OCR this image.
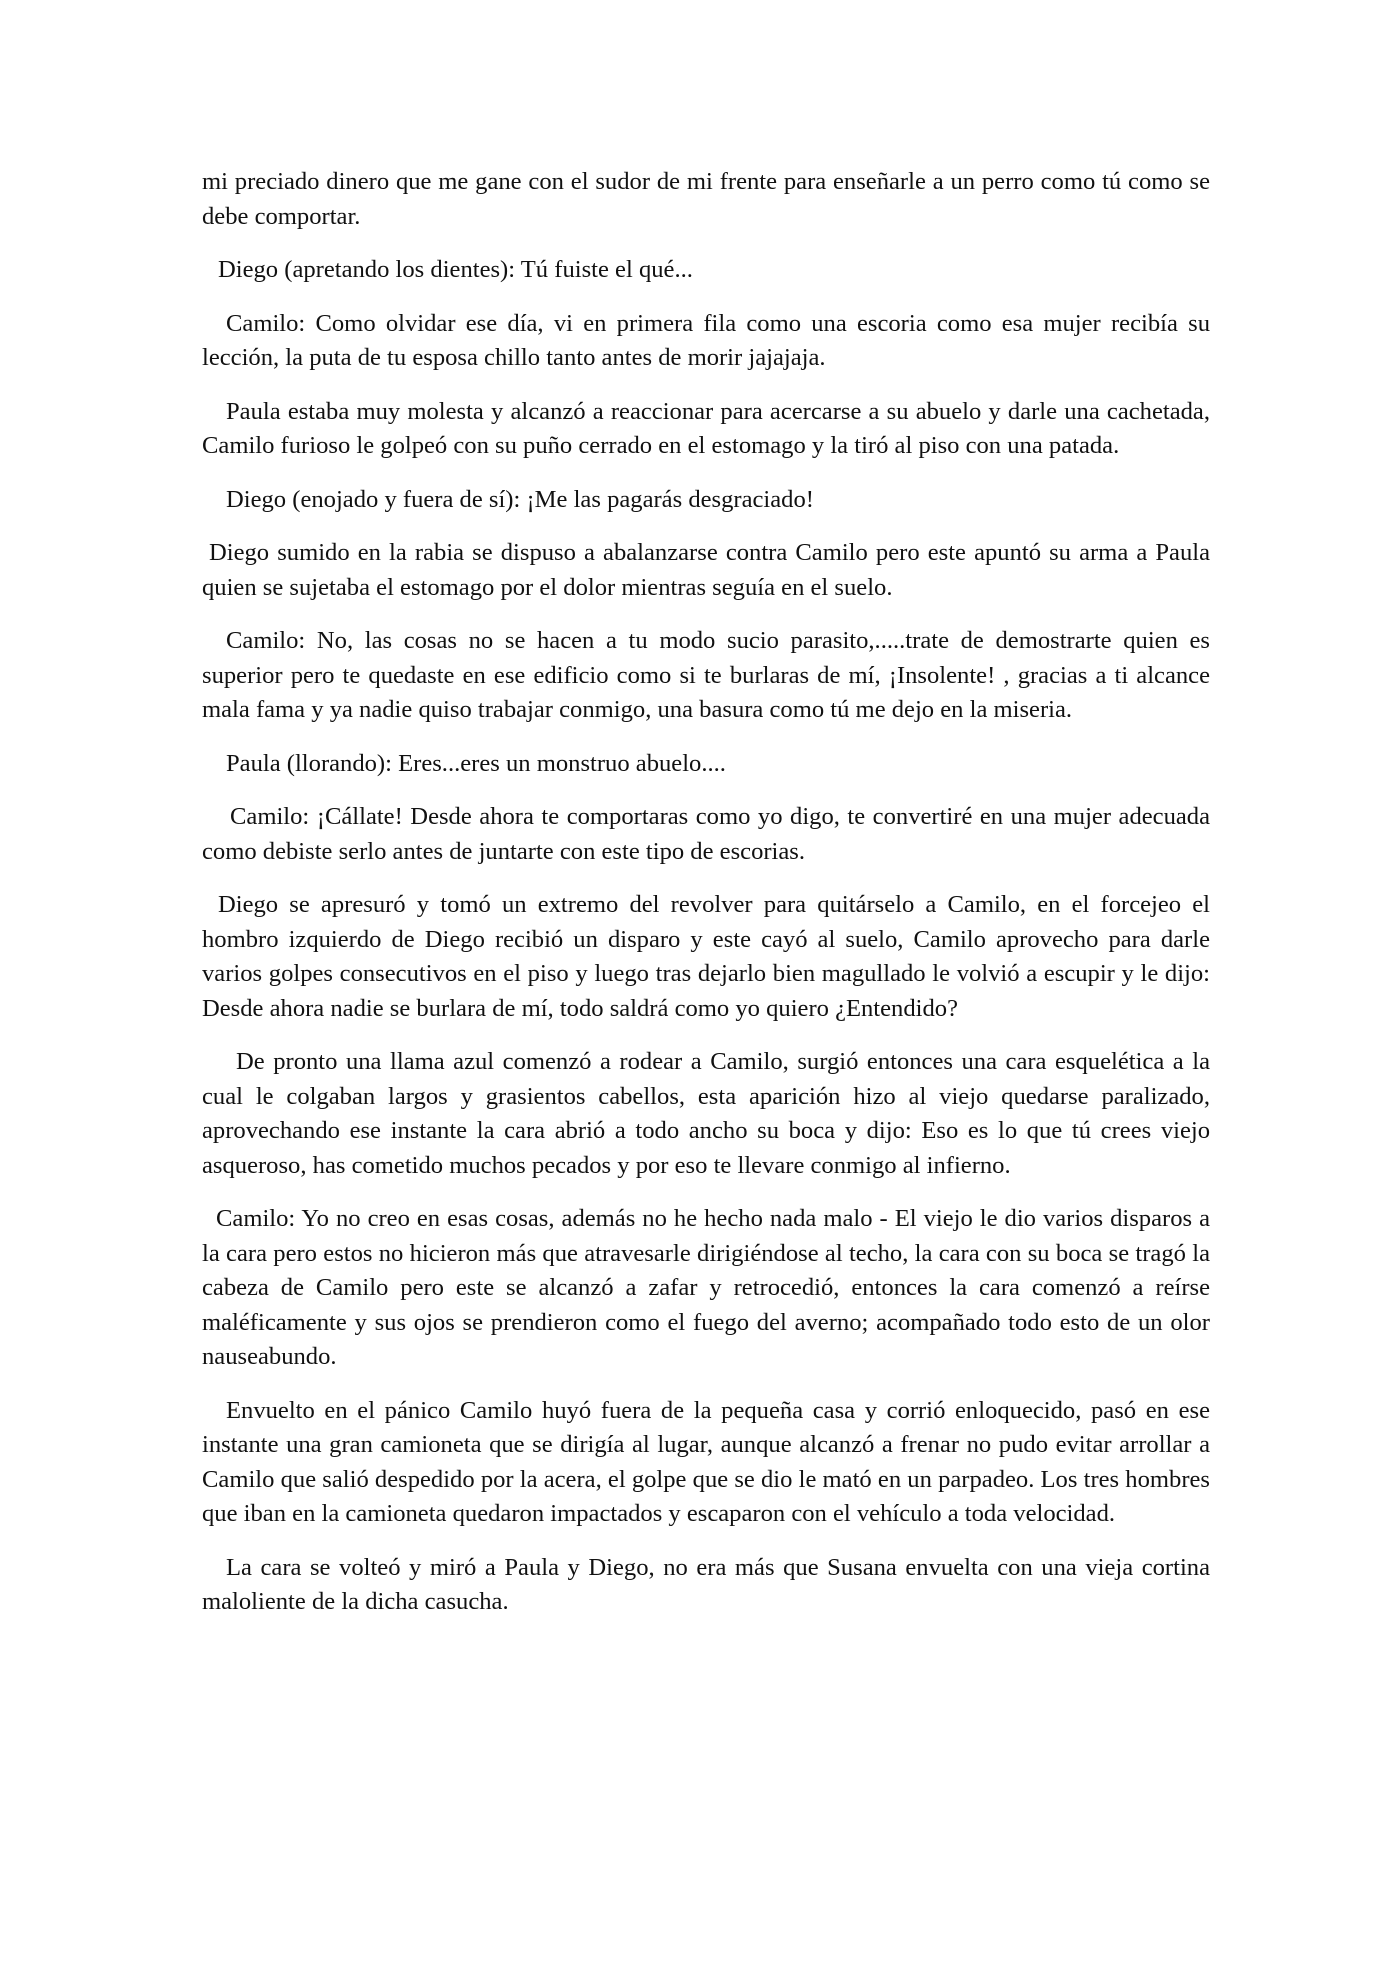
mi preciado dinero que me gane con el sudor de mi frente para enseñarle a un perro como tú como se debe comportar.

Diego (apretando los dientes): Tú fuiste el qué...

Camilo: Como olvidar ese día, vi en primera fila como una escoria como esa mujer recibía su lección, la puta de tu esposa chillo tanto antes de morir jajajaja.

Paula estaba muy molesta y alcanzó a reaccionar para acercarse a su abuelo y darle una cachetada, Camilo furioso le golpeó con su puño cerrado en el estomago y la tiró al piso con una patada.

Diego (enojado y fuera de sí): ¡Me las pagarás desgraciado!

Diego sumido en la rabia se dispuso a abalanzarse contra Camilo pero este apuntó su arma a Paula quien se sujetaba el estomago por el dolor mientras seguía en el suelo.

Camilo: No, las cosas no se hacen a tu modo sucio parasito,.....trate de demostrarte quien es superior pero te quedaste en ese edificio como si te burlaras de mí, ¡Insolente! , gracias a ti alcance mala fama y ya nadie quiso trabajar conmigo, una basura como tú me dejo en la miseria.

Paula (llorando): Eres...eres un monstruo abuelo....

Camilo: ¡Cállate! Desde ahora te comportaras como yo digo, te convertiré en una mujer adecuada como debiste serlo antes de juntarte con este tipo de escorias.

Diego se apresuró y tomó un extremo del revolver para quitárselo a Camilo, en el forcejeo el hombro izquierdo de Diego recibió un disparo y este cayó al suelo, Camilo aprovecho para darle varios golpes consecutivos en el piso y luego tras dejarlo bien magullado le volvió a escupir y le dijo: Desde ahora nadie se burlara de mí, todo saldrá como yo quiero ¿Entendido?

De pronto una llama azul comenzó a rodear a Camilo, surgió entonces una cara esquelética a la cual le colgaban largos y grasientos cabellos, esta aparición hizo al viejo quedarse paralizado, aprovechando ese instante la cara abrió a todo ancho su boca y dijo: Eso es lo que tú crees viejo asqueroso, has cometido muchos pecados y por eso te llevare conmigo al infierno.

Camilo: Yo no creo en esas cosas, además no he hecho nada malo - El viejo le dio varios disparos a la cara pero estos no hicieron más que atravesarle dirigiéndose al techo, la cara con su boca se tragó la cabeza de Camilo pero este se alcanzó a zafar y retrocedió, entonces la cara comenzó a reírse maléficamente y sus ojos se prendieron como el fuego del averno; acompañado todo esto de un olor nauseabundo.

Envuelto en el pánico Camilo huyó fuera de la pequeña casa y corrió enloquecido, pasó en ese instante una gran camioneta que se dirigía al lugar, aunque alcanzó a frenar no pudo evitar arrollar a Camilo que salió despedido por la acera, el golpe que se dio le mató en un parpadeo. Los tres hombres que iban en la camioneta quedaron impactados y escaparon con el vehículo a toda velocidad.

La cara se volteó y miró a Paula y Diego, no era más que Susana envuelta con una vieja cortina maloliente de la dicha casucha.
